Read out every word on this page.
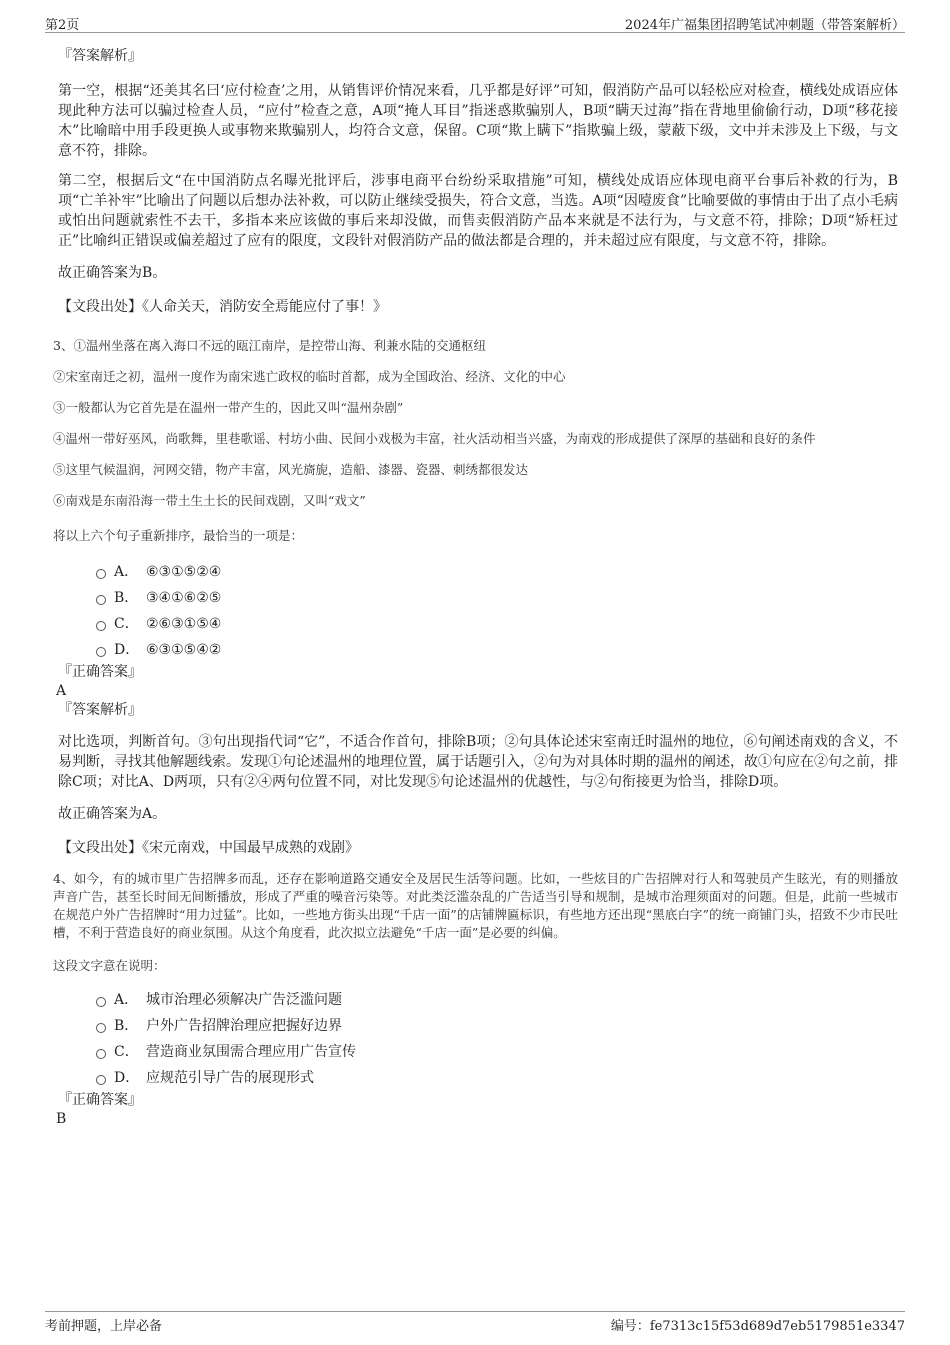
第2页	2024年广福集团招聘笔试冲刺题（带答案解析）
『答案解析』
第一空，根据“还美其名曰‘应付检查’之用，从销售评价情况来看，几乎都是好评”可知，假消防产品可以轻松应对检查，横线处成语应体现此种方法可以骗过检查人员，“应付”检查之意，A项“掩人耳目”指迷惑欺骗别人，B项“瞒天过海”指在背地里偷偷行动，D项“移花接木”比喻暗中用手段更换人或事物来欺骗别人，均符合文意，保留。C项“欺上瞒下”指欺骗上级，蒙蔽下级，文中并未涉及上下级，与文意不符，排除。
第二空，根据后文“在中国消防点名曝光批评后，涉事电商平台纷纷采取措施”可知，横线处成语应体现电商平台事后补救的行为，B项“亡羊补牢”比喻出了问题以后想办法补救，可以防止继续受损失，符合文意，当选。A项“因噎废食”比喻要做的事情由于出了点小毛病或怕出问题就索性不去干，多指本来应该做的事后来却没做，而售卖假消防产品本来就是不法行为，与文意不符，排除；D项“矫枉过正”比喻纠正错误或偏差超过了应有的限度，文段针对假消防产品的做法都是合理的，并未超过应有限度，与文意不符，排除。
故正确答案为B。
【文段出处】《人命关天，消防安全焉能应付了事！》
3、①温州坐落在离入海口不远的瓯江南岸，是控带山海、利兼水陆的交通枢纽
②宋室南迁之初，温州一度作为南宋逃亡政权的临时首都，成为全国政治、经济、文化的中心
③一般都认为它首先是在温州一带产生的，因此又叫“温州杂剧”
④温州一带好巫风，尚歌舞，里巷歌谣、村坊小曲、民间小戏极为丰富，社火活动相当兴盛，为南戏的形成提供了深厚的基础和良好的条件
⑤这里气候温润，河网交错，物产丰富，风光旖旎，造船、漆器、瓷器、刺绣都很发达
⑥南戏是东南沿海一带土生土长的民间戏剧，又叫“戏文”
将以上六个句子重新排序，最恰当的一项是：
A． ⑥③①⑤②④
B． ③④①⑥②⑤
C． ②⑥③①⑤④
D． ⑥③①⑤④②
『正确答案』
A
『答案解析』
对比选项，判断首句。③句出现指代词“它”，不适合作首句，排除B项；②句具体论述宋室南迁时温州的地位，⑥句阐述南戏的含义，不易判断，寻找其他解题线索。发现①句论述温州的地理位置，属于话题引入，②句为对具体时期的温州的阐述，故①句应在②句之前，排除C项；对比A、D两项，只有②④两句位置不同，对比发现⑤句论述温州的优越性，与②句衔接更为恰当，排除D项。
故正确答案为A。
【文段出处】《宋元南戏，中国最早成熟的戏剧》
4、如今，有的城市里广告招牌多而乱，还存在影响道路交通安全及居民生活等问题。比如，一些炫目的广告招牌对行人和驾驶员产生眩光，有的则播放声音广告，甚至长时间无间断播放，形成了严重的噪音污染等。对此类泛滥杂乱的广告适当引导和规制，是城市治理须面对的问题。但是，此前一些城市在规范户外广告招牌时“用力过猛”。比如，一些地方街头出现“千店一面”的店铺牌匾标识，有些地方还出现“黑底白字”的统一商铺门头，招致不少市民吐槽，不利于营造良好的商业氛围。从这个角度看，此次拟立法避免“千店一面”是必要的纠偏。
这段文字意在说明：
A． 城市治理必须解决广告泛滥问题
B． 户外广告招牌治理应把握好边界
C． 营造商业氛围需合理应用广告宣传
D． 应规范引导广告的展现形式
『正确答案』
B
考前押题，上岸必备	编号：fe7313c15f53d689d7eb5179851e3347
